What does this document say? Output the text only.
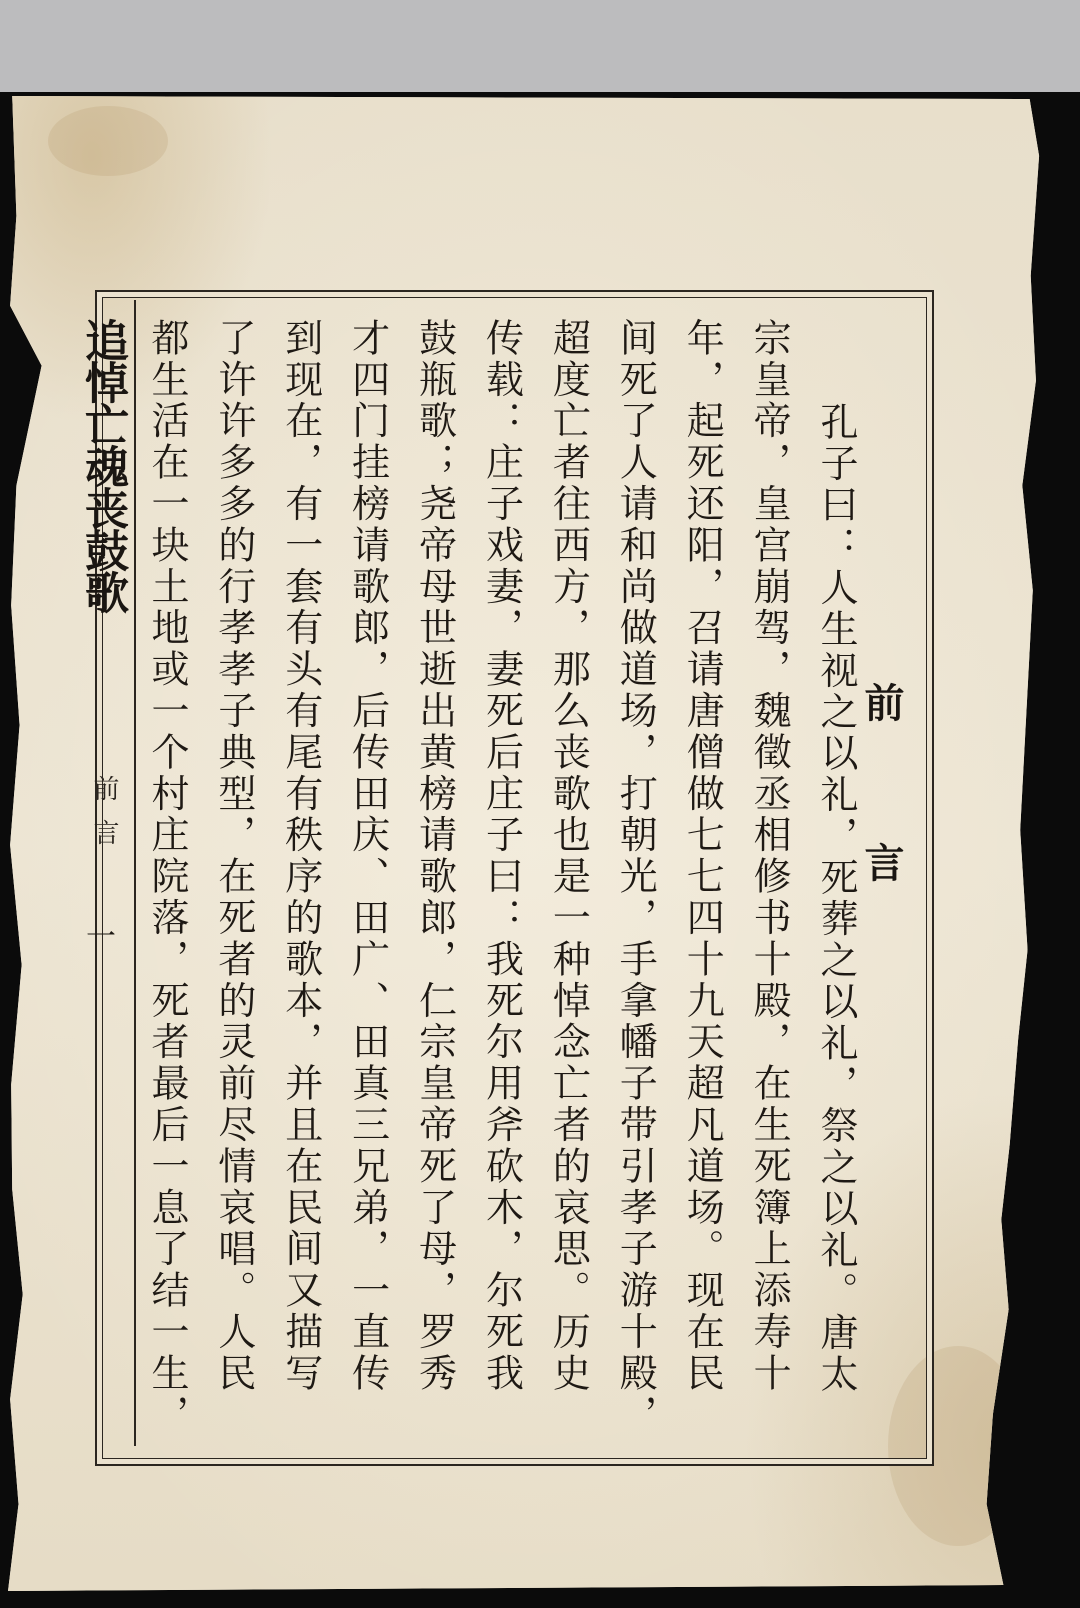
追悼亡魂丧鼓歌
前言
一	前言
孔子曰：人生视之以礼，死葬之以礼，祭之以礼。唐太
宗皇帝，皇宫崩驾，魏徵丞相修书十殿，在生死簿上添寿十
年，起死还阳，召请唐僧做七七四十九天超凡道场。现在民
间死了人请和尚做道场，打朝光，手拿幡子带引孝子游十殿，
超度亡者往西方，那么丧歌也是一种悼念亡者的哀思。历史
传载：庄子戏妻，妻死后庄子曰：我死尔用斧砍木，尔死我
鼓瓶歌；尧帝母世逝出黄榜请歌郎，仁宗皇帝死了母，罗秀
才四门挂榜请歌郎，后传田庆、田广、田真三兄弟，一直传
到现在，有一套有头有尾有秩序的歌本，并且在民间又描写
了许许多多的行孝孝子典型，在死者的灵前尽情哀唱。人民
都生活在一块土地或一个村庄院落，死者最后一息了结一生，
